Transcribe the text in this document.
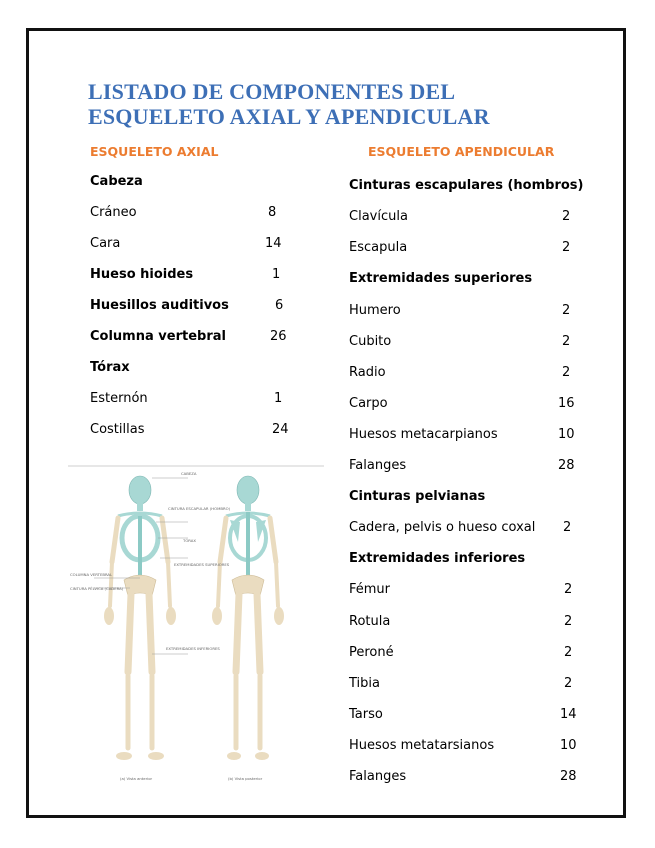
LISTADO DE COMPONENTES DEL
ESQUELETO AXIAL Y APENDICULAR
ESQUELETO AXIAL	ESQUELETO APENDICULAR
Cabeza
Cráneo	8
Cara	14
Hueso hioides	1
Huesillos auditivos	6
Columna vertebral	26
Tórax
Esternón	1
Costillas	24
Cinturas escapulares (hombros)
Clavícula	2
Escapula	2
Extremidades superiores
Humero	2
Cubito	2
Radio	2
Carpo	16
Huesos metacarpianos	10
Falanges	28
Cinturas pelvianas
Cadera, pelvis o hueso coxal 2
Extremidades inferiores
Fémur	2
Rotula	2
Peroné	2
Tibia	2
Tarso	14
Huesos metatarsianos	10
Falanges	28
CABEZA
CINTURA ESCAPULAR (HOMBRO)
TÓRAX
EXTREMIDADES SUPERIORES
EXTREMIDADES INFERIORES
COLUMNA VERTEBRAL
CINTURA PÉLVICA (CADERA)
(a) Vista anterior	(b) Vista posterior
